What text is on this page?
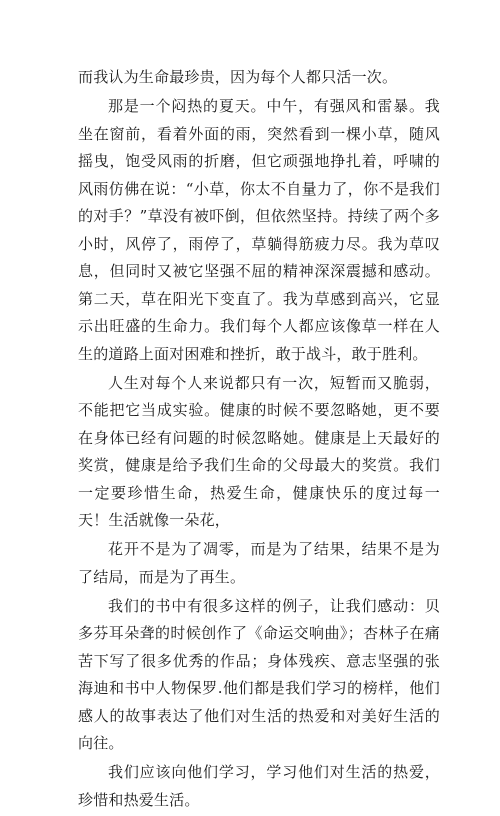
而我认为生命最珍贵，因为每个人都只活一次。

那是一个闷热的夏天。中午，有强风和雷暴。我坐在窗前，看着外面的雨，突然看到一棵小草，随风摇曳，饱受风雨的折磨，但它顽强地挣扎着，呼啸的风雨仿佛在说：“小草，你太不自量力了，你不是我们的对手？”草没有被吓倒，但依然坚持。持续了两个多小时，风停了，雨停了，草躺得筋疲力尽。我为草叹息，但同时又被它坚强不屈的精神深深震撼和感动。第二天，草在阳光下变直了。我为草感到高兴，它显示出旺盛的生命力。我们每个人都应该像草一样在人生的道路上面对困难和挫折，敢于战斗，敢于胜利。

人生对每个人来说都只有一次，短暂而又脆弱，不能把它当成实验。健康的时候不要忽略她，更不要在身体已经有问题的时候忽略她。健康是上天最好的奖赏，健康是给予我们生命的父母最大的奖赏。我们一定要珍惜生命，热爱生命，健康快乐的度过每一天！生活就像一朵花，

花开不是为了凋零，而是为了结果，结果不是为了结局，而是为了再生。

我们的书中有很多这样的例子，让我们感动：贝多芬耳朵聋的时候创作了《命运交响曲》；杏林子在痛苦下写了很多优秀的作品；身体残疾、意志坚强的张海迪和书中人物保罗.他们都是我们学习的榜样，他们感人的故事表达了他们对生活的热爱和对美好生活的向往。

我们应该向他们学习，学习他们对生活的热爱，珍惜和热爱生活。
